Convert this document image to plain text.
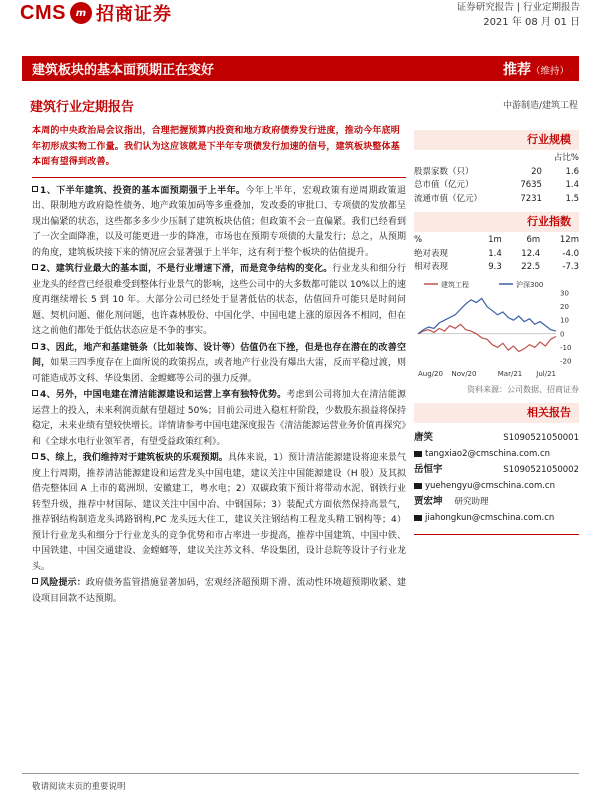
CMS m 招商证券	证券研究报告 | 行业定期报告
2021 年 08 月 01 日
建筑板块的基本面预期正在变好	推荐（维持）
建筑行业定期报告	中游制造/建筑工程
本周的中央政治局会议指出，合理把握预算内投资和地方政府债券发行进度，推动今年底明年初形成实物工作量。我们认为这应该就是下半年专项债发行加速的信号，建筑板块整体基本面有望得到改善。
1、下半年建筑、投资的基本面预期强于上半年。今年上半年，宏观政策有逆周期政策退出、限制地方政府隐性债务、地产政策加码等多重叠加，发改委的审批口、专项债的发放都呈现出偏紧的状态，这些都多多少少压制了建筑板块估值；但政策不会一直偏紧。我们已经看到了一次全面降准，以及可能更进一步的降准，市场也在预期专项债的大量发行；总之，从预期的角度，建筑板块接下来的情况应会显著强于上半年，这有利于整个板块的估值提升。
2、建筑行业最大的基本面，不是行业增速下滑，而是竞争结构的变化。行业龙头和细分行业龙头的经营已经很难受到整体行业景气的影响，这些公司中的大多数都可能以 10%以上的速度再继续增长 5 到 10 年。大部分公司已经处于显著低估的状态，估值回升可能只是时间问题、契机问题、催化剂问题，也许森林股份、中国化学、中国电建上涨的原因各不相同，但在这之前他们都处于低估状态应是不争的事实。
3、因此，地产和基建链条（比如装饰、设计等）估值仍在下挫，但是也存在潜在的改善空间，如果三四季度存在上面所说的政策拐点，或者地产行业没有爆出大雷，反而平稳过渡，则可能造成苏文科、华设集团、金螳螂等公司的强力反弹。
4、另外，中国电建在清洁能源建设和运营上享有独特优势。考虑到公司将加大在清洁能源运营上的投入，未来利润贡献有望超过 50%；目前公司进入稳杠杆阶段，少数股东损益将保持稳定，未来业绩有望较快增长。详情请参考中国电建深度报告《清洁能源运营业务价值再探究》和《全球水电行业领军者，有望受益政策红利》。
5、综上，我们维持对于建筑板块的乐观预期。具体来说，1）预计清洁能源建设将迎来景气度上行周期，推荐清洁能源建设和运营龙头中国电建，建议关注中国能源建设（H 股）及其拟借壳整体回 A 上市的葛洲坝、安徽建工，粤水电；2）双碳政策下预计将带动水泥、钢铁行业转型升级，推荐中材国际、建议关注中国中冶、中钢国际；3）装配式方面依然保持高景气，推荐钢结构制造龙头鸿路钢构,PC 龙头远大住工，建议关注钢结构工程龙头精工钢构等；4）预计行业龙头和细分于行业龙头的竞争优势和市占率进一步提高，推荐中国建筑、中国中铁、中国铁建、中国交通建设、金螳螂等，建议关注苏文科、华设集团，设计总院等设计子行业龙头。
风险提示：政府债务监管措施显著加码，宏观经济超预期下滑、流动性环境超预期收紧、建设项目回款不达预期。
行业规模
		占比%
股票家数（只）	20	1.6
总市值（亿元）	7635	1.4
流通市值（亿元）	7231	1.5
行业指数
%	1m	6m	12m
绝对表现	1.4	12.4	-4.0
相对表现	9.3	22.5	-7.3
建筑工程	沪深300
30
20
10
0
-10
-20
Aug/20 Nov/20	Mar/21 Jul/21
资料来源：公司数据、招商证券
相关报告
唐笑	S1090521050001
tangxiao2@cmschina.com.cn
岳恒宇	S1090521050002
yuehengyu@cmschina.com.cn
贾宏坤 研究助理
jiahongkun@cmschina.com.cn
敬请阅读末页的重要说明
